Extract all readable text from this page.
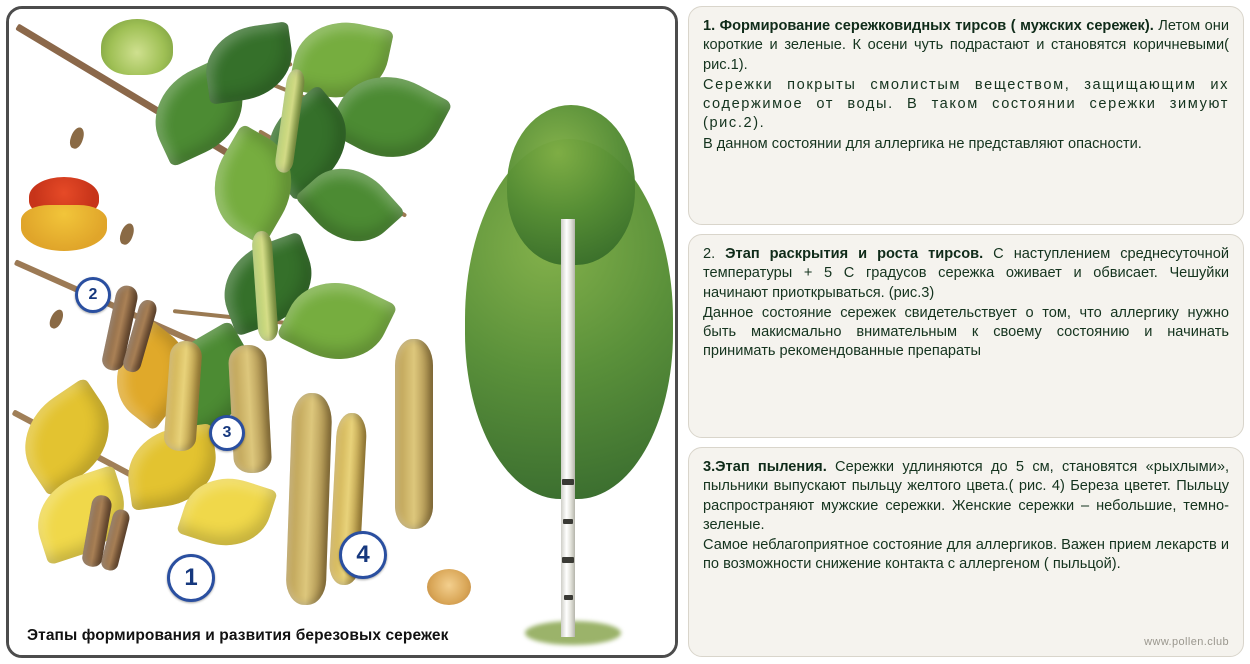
2
3
1
4
Этапы формирования и развития березовых сережек

1. Формирование сережковидных тирсов ( мужских сережек). Летом они короткие и зеленые. К осени чуть подрастают и становятся коричневыми( рис.1).

Сережки покрыты смолистым веществом, защищающим их содержимое от воды. В таком состоянии сережки зимуют (рис.2).

В данном состоянии для аллергика не представляют опасности.

2. Этап раскрытия и роста тирсов. С наступлением среднесуточной температуры + 5 С градусов сережка оживает и обвисает. Чешуйки начинают приоткрываться. (рис.3)

Данное состояние сережек свидетельствует о том, что аллергику нужно быть макисмально внимательным к своему состоянию и начинать принимать рекомендованные препараты

3.Этап пыления. Сережки удлиняются до 5 см, становятся «рыхлыми», пыльники выпускают пыльцу желтого цвета.( рис. 4) Береза цветет. Пыльцу распространяют мужские сережки. Женские сережки – небольшие, темно-зеленые.

Самое неблагоприятное состояние для аллергиков. Важен прием лекарств и по возможности снижение контакта с аллергеном ( пыльцой).

www.pollen.club
